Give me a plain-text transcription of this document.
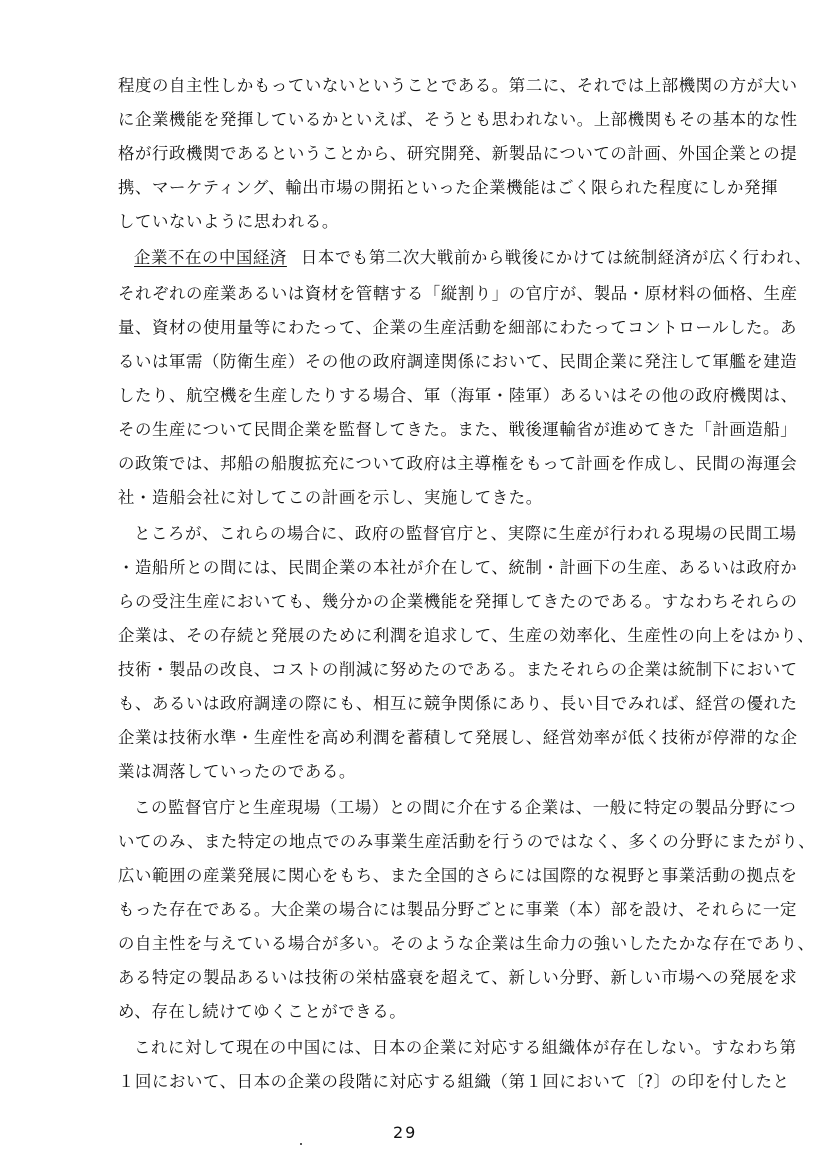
程度の自主性しかもっていないということである。第二に、それでは上部機関の方が大い
に企業機能を発揮しているかといえば、そうとも思われない。上部機関もその基本的な性
格が行政機関であるということから、研究開発、新製品についての計画、外国企業との提
携、マーケティング、輸出市場の開拓といった企業機能はごく限られた程度にしか発揮
していないように思われる。
企業不在の中国経済 日本でも第二次大戦前から戦後にかけては統制経済が広く行われ、
それぞれの産業あるいは資材を管轄する「縦割り」の官庁が、製品・原材料の価格、生産
量、資材の使用量等にわたって、企業の生産活動を細部にわたってコントロールした。あ
るいは軍需（防衛生産）その他の政府調達関係において、民間企業に発注して軍艦を建造
したり、航空機を生産したりする場合、軍（海軍・陸軍）あるいはその他の政府機関は、
その生産について民間企業を監督してきた。また、戦後運輸省が進めてきた「計画造船」
の政策では、邦船の船腹拡充について政府は主導権をもって計画を作成し、民間の海運会
社・造船会社に対してこの計画を示し、実施してきた。
ところが、これらの場合に、政府の監督官庁と、実際に生産が行われる現場の民間工場
・造船所との間には、民間企業の本社が介在して、統制・計画下の生産、あるいは政府か
らの受注生産においても、幾分かの企業機能を発揮してきたのである。すなわちそれらの
企業は、その存続と発展のために利潤を追求して、生産の効率化、生産性の向上をはかり、
技術・製品の改良、コストの削減に努めたのである。またそれらの企業は統制下において
も、あるいは政府調達の際にも、相互に競争関係にあり、長い目でみれば、経営の優れた
企業は技術水準・生産性を高め利潤を蓄積して発展し、経営効率が低く技術が停滞的な企
業は凋落していったのである。
この監督官庁と生産現場（工場）との間に介在する企業は、一般に特定の製品分野につ
いてのみ、また特定の地点でのみ事業生産活動を行うのではなく、多くの分野にまたがり、
広い範囲の産業発展に関心をもち、また全国的さらには国際的な視野と事業活動の拠点を
もった存在である。大企業の場合には製品分野ごとに事業（本）部を設け、それらに一定
の自主性を与えている場合が多い。そのような企業は生命力の強いしたたかな存在であり、
ある特定の製品あるいは技術の栄枯盛衰を超えて、新しい分野、新しい市場への発展を求
め、存在し続けてゆくことができる。
これに対して現在の中国には、日本の企業に対応する組織体が存在しない。すなわち第
１回において、日本の企業の段階に対応する組織（第１回において〔?〕の印を付したと
29
